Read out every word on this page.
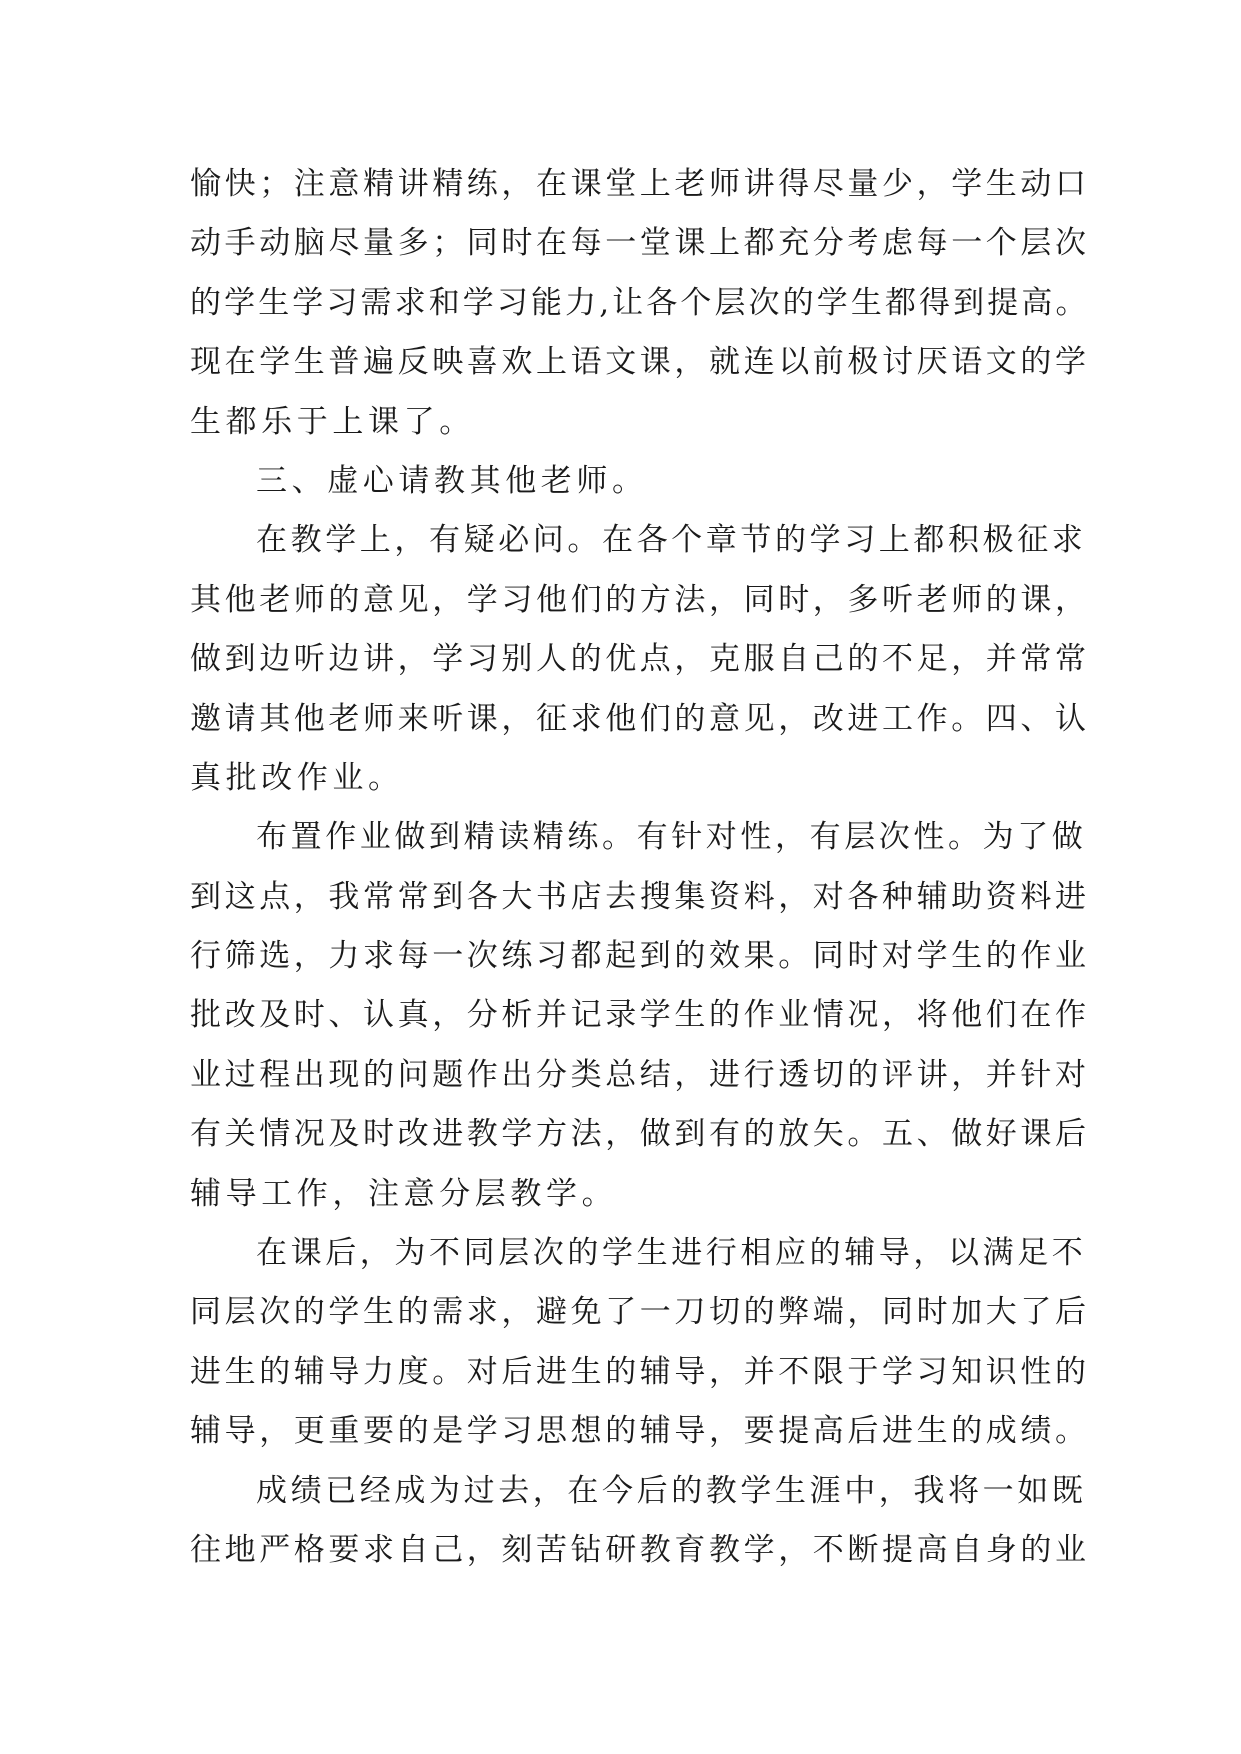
愉快；注意精讲精练，在课堂上老师讲得尽量少，学生动口
动手动脑尽量多；同时在每一堂课上都充分考虑每一个层次
的学生学习需求和学习能力,让各个层次的学生都得到提高。
现在学生普遍反映喜欢上语文课，就连以前极讨厌语文的学
生都乐于上课了。
三、虚心请教其他老师。
在教学上，有疑必问。在各个章节的学习上都积极征求
其他老师的意见，学习他们的方法，同时，多听老师的课，
做到边听边讲，学习别人的优点，克服自己的不足，并常常
邀请其他老师来听课，征求他们的意见，改进工作。四、认
真批改作业。
布置作业做到精读精练。有针对性，有层次性。为了做
到这点，我常常到各大书店去搜集资料，对各种辅助资料进
行筛选，力求每一次练习都起到的效果。同时对学生的作业
批改及时、认真，分析并记录学生的作业情况，将他们在作
业过程出现的问题作出分类总结，进行透切的评讲，并针对
有关情况及时改进教学方法，做到有的放矢。五、做好课后
辅导工作，注意分层教学。
在课后，为不同层次的学生进行相应的辅导，以满足不
同层次的学生的需求，避免了一刀切的弊端，同时加大了后
进生的辅导力度。对后进生的辅导，并不限于学习知识性的
辅导，更重要的是学习思想的辅导，要提高后进生的成绩。
成绩已经成为过去，在今后的教学生涯中，我将一如既
往地严格要求自己，刻苦钻研教育教学，不断提高自身的业
